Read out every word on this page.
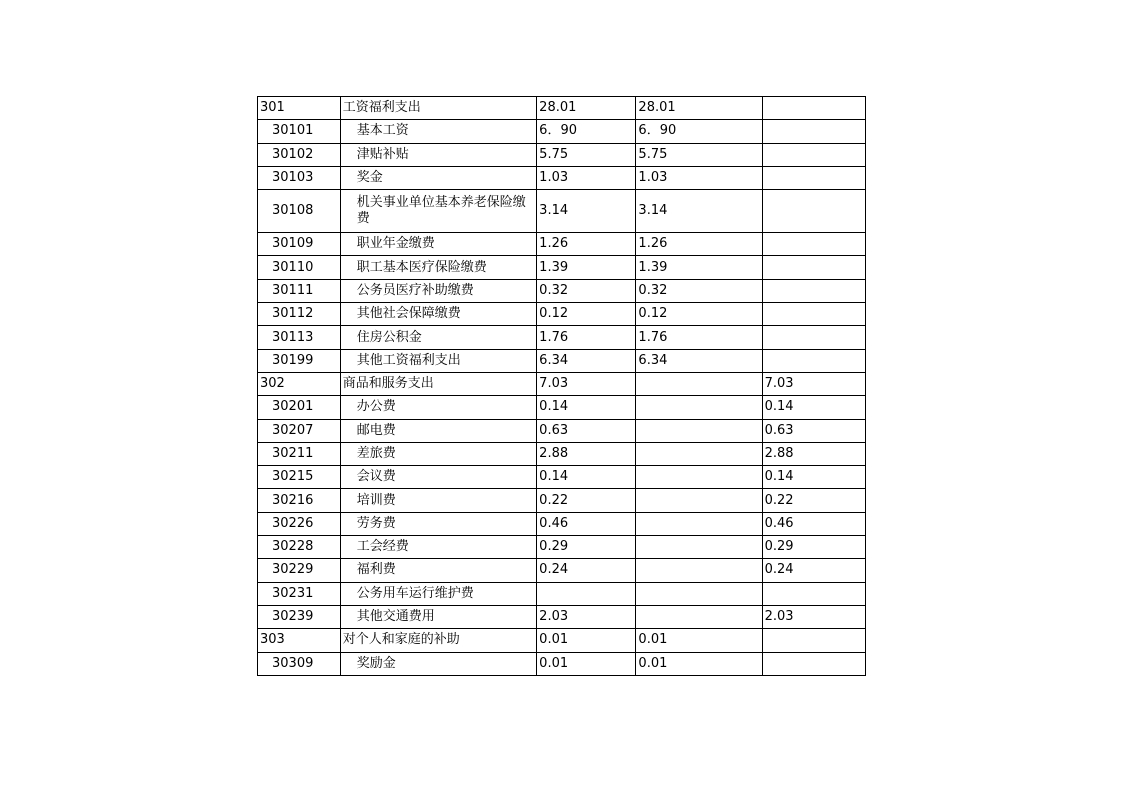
301	工资福利支出	28.01	28.01	
30101	基本工资	6．90	6．90	
30102	津贴补贴	5.75	5.75	
30103	奖金	1.03	1.03	
30108	机关事业单位基本养老保险缴费	3.14	3.14	
30109	职业年金缴费	1.26	1.26	
30110	职工基本医疗保险缴费	1.39	1.39	
30111	公务员医疗补助缴费	0.32	0.32	
30112	其他社会保障缴费	0.12	0.12	
30113	住房公积金	1.76	1.76	
30199	其他工资福利支出	6.34	6.34	
302	商品和服务支出	7.03		7.03
30201	办公费	0.14		0.14
30207	邮电费	0.63		0.63
30211	差旅费	2.88		2.88
30215	会议费	0.14		0.14
30216	培训费	0.22		0.22
30226	劳务费	0.46		0.46
30228	工会经费	0.29		0.29
30229	福利费	0.24		0.24
30231	公务用车运行维护费			
30239	其他交通费用	2.03		2.03
303	对个人和家庭的补助	0.01	0.01	
30309	奖励金	0.01	0.01	
